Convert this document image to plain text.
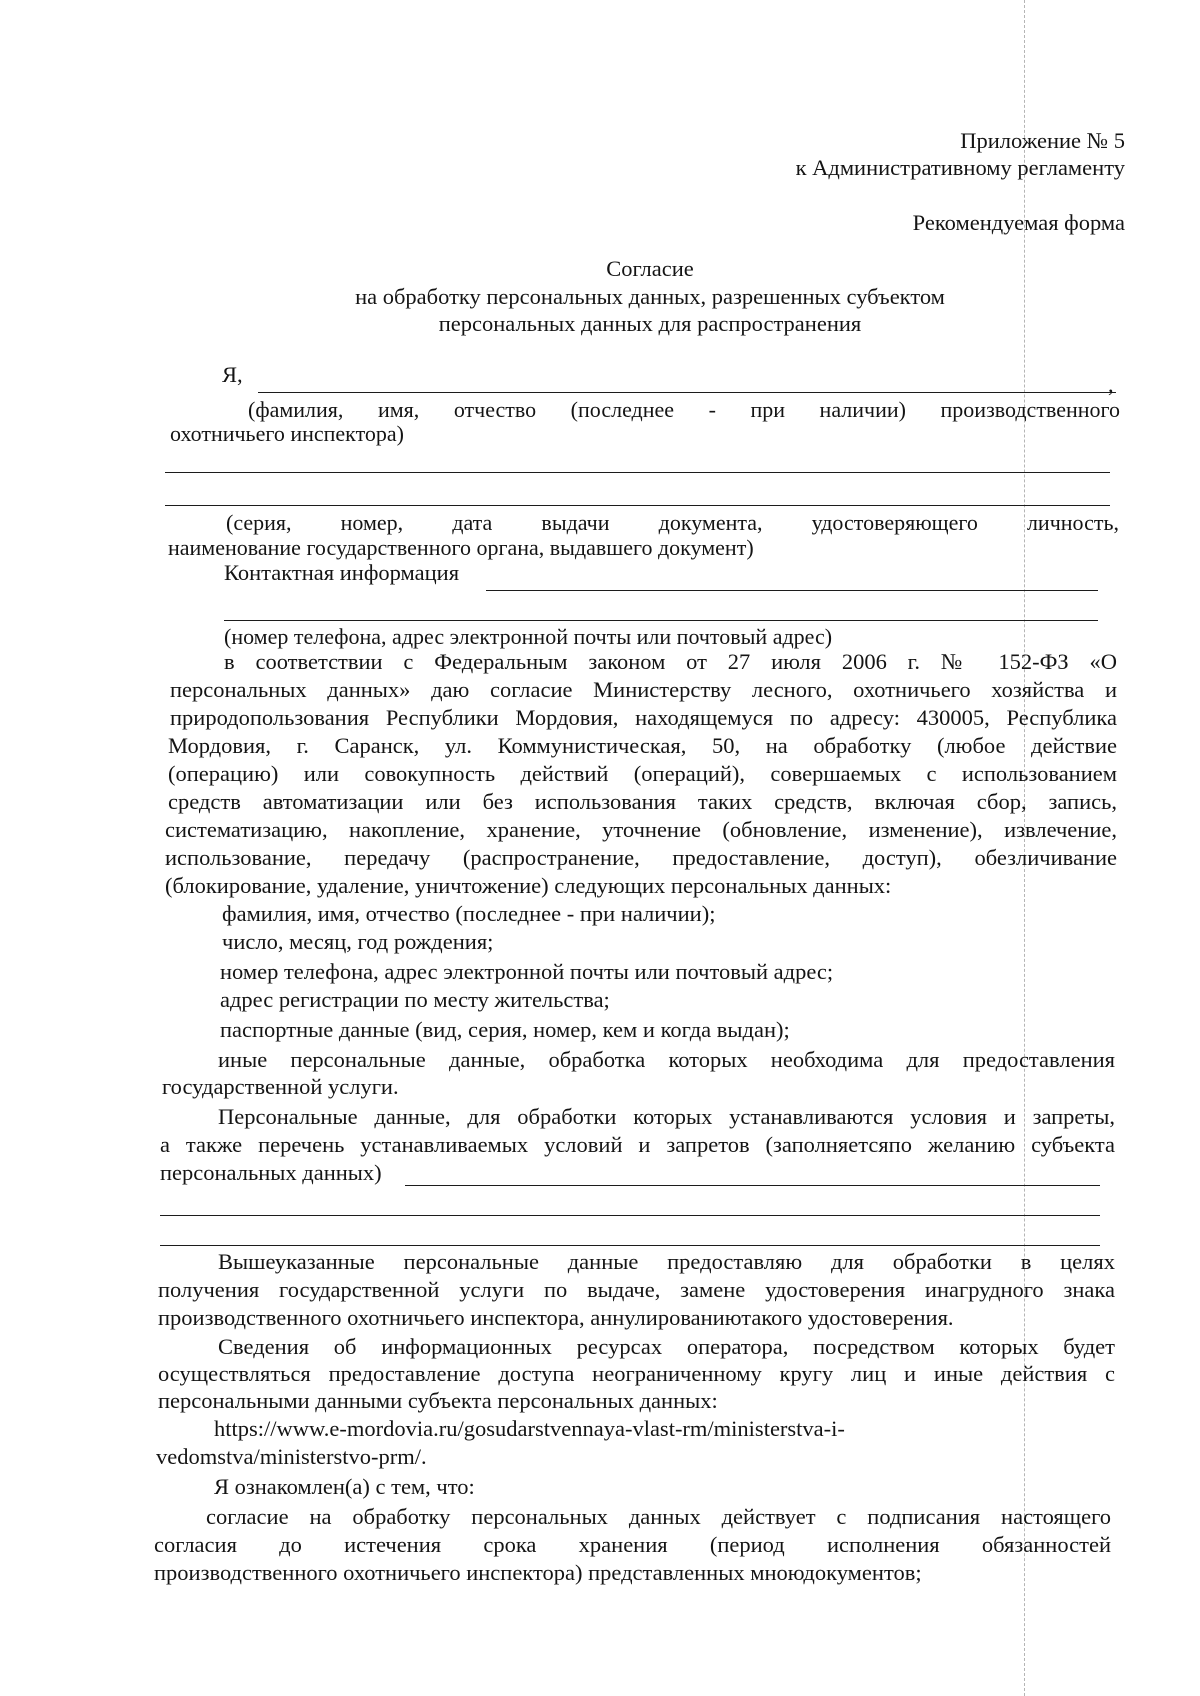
Приложение № 5
к Административному регламенту
Рекомендуемая форма
Согласие
на обработку персональных данных, разрешенных субъектом
персональных данных для распространения
Я,	,
(фамилия, имя, отчество (последнее - при наличии) производственного
охотничьего инспектора)
(серия, номер, дата выдачи документа, удостоверяющего личность,
наименование государственного органа, выдавшего документ)
Контактная информация
(номер телефона, адрес электронной почты или почтовый адрес)
в соответствии с Федеральным законом от 27 июля 2006 г. № 152-ФЗ «О
персональных данных» даю согласие Министерству лесного, охотничьего хозяйства и
природопользования Республики Мордовия, находящемуся по адресу: 430005, Республика
Мордовия, г. Саранск, ул. Коммунистическая, 50, на обработку (любое действие
(операцию) или совокупность действий (операций), совершаемых с использованием
средств автоматизации или без использования таких средств, включая сбор, запись,
систематизацию, накопление, хранение, уточнение (обновление, изменение), извлечение,
использование, передачу (распространение, предоставление, доступ), обезличивание
(блокирование, удаление, уничтожение) следующих персональных данных:
фамилия, имя, отчество (последнее - при наличии);
число, месяц, год рождения;
номер телефона, адрес электронной почты или почтовый адрес;
адрес регистрации по месту жительства;
паспортные данные (вид, серия, номер, кем и когда выдан);
иные персональные данные, обработка которых необходима для предоставления
государственной услуги.
Персональные данные, для обработки которых устанавливаются условия и запреты,
а также перечень устанавливаемых условий и запретов (заполняетсяпо желанию субъекта
персональных данных)
Вышеуказанные персональные данные предоставляю для обработки в целях
получения государственной услуги по выдаче, замене удостоверения инагрудного знака
производственного охотничьего инспектора, аннулированиютакого удостоверения.
Сведения об информационных ресурсах оператора, посредством которых будет
осуществляться предоставление доступа неограниченному кругу лиц и иные действия с
персональными данными субъекта персональных данных:
https://www.e-mordovia.ru/gosudarstvennaya-vlast-rm/ministerstva-i-
vedomstva/ministerstvo-prm/.
Я ознакомлен(а) с тем, что:
согласие на обработку персональных данных действует с подписания настоящего
согласия до истечения срока хранения (период исполнения обязанностей
производственного охотничьего инспектора) представленных мноюдокументов;
